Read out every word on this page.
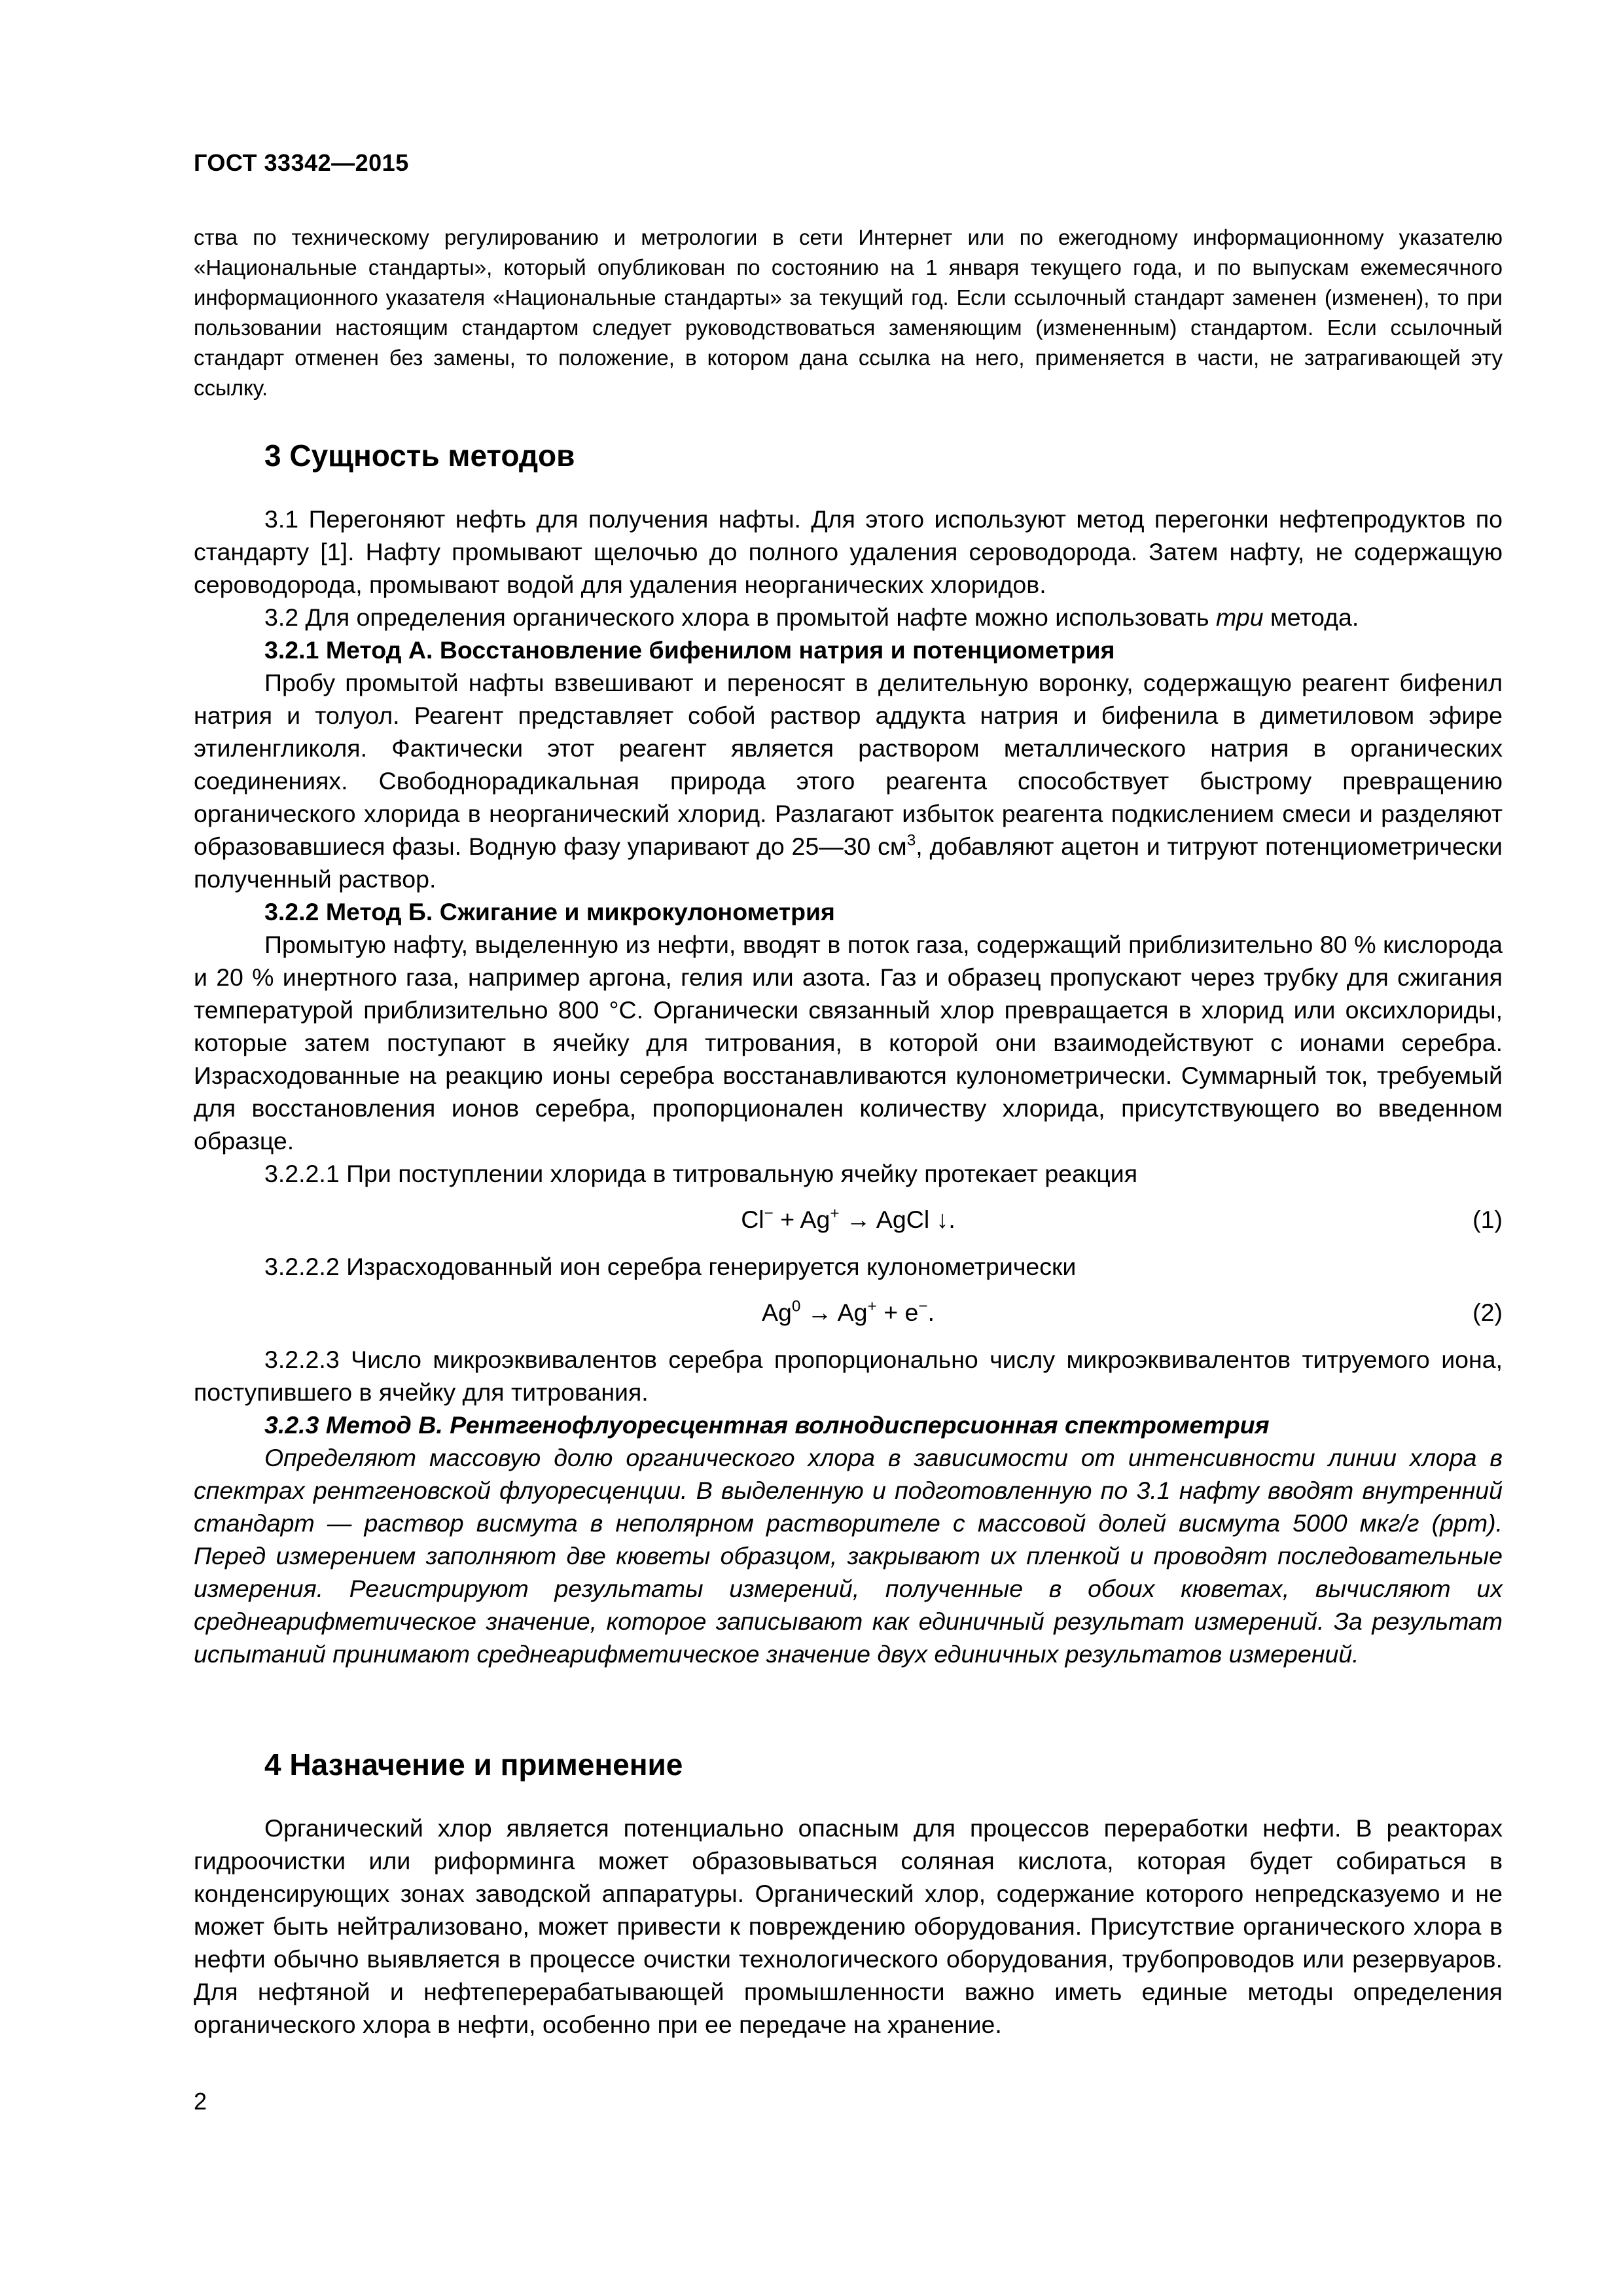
ГОСТ 33342—2015

ства по техническому регулированию и метрологии в сети Интернет или по ежегодному информационному указателю «Национальные стандарты», который опубликован по состоянию на 1 января текущего года, и по выпускам ежемесячного информационного указателя «Национальные стандарты» за текущий год. Если ссылочный стандарт заменен (изменен), то при пользовании настоящим стандартом следует руководствоваться заменяющим (измененным) стандартом. Если ссылочный стандарт отменен без замены, то положение, в котором дана ссылка на него, применяется в части, не затрагивающей эту ссылку.

3 Сущность методов

3.1 Перегоняют нефть для получения нафты. Для этого используют метод перегонки нефтепродуктов по стандарту [1]. Нафту промывают щелочью до полного удаления сероводорода. Затем нафту, не содержащую сероводорода, промывают водой для удаления неорганических хлоридов.

3.2 Для определения органического хлора в промытой нафте можно использовать три метода.

3.2.1 Метод А. Восстановление бифенилом натрия и потенциометрия

Пробу промытой нафты взвешивают и переносят в делительную воронку, содержащую реагент бифенил натрия и толуол. Реагент представляет собой раствор аддукта натрия и бифенила в диметиловом эфире этиленгликоля. Фактически этот реагент является раствором металлического натрия в органических соединениях. Свободнорадикальная природа этого реагента способствует быстрому превращению органического хлорида в неорганический хлорид. Разлагают избыток реагента подкислением смеси и разделяют образовавшиеся фазы. Водную фазу упаривают до 25—30 $см^3$, добавляют ацетон и титруют потенциометрически полученный раствор.

3.2.2 Метод Б. Сжигание и микрокулонометрия

Промытую нафту, выделенную из нефти, вводят в поток газа, содержащий приблизительно 80 % кислорода и 20 % инертного газа, например аргона, гелия или азота. Газ и образец пропускают через трубку для сжигания температурой приблизительно 800 °С. Органически связанный хлор превращается в хлорид или оксихлориды, которые затем поступают в ячейку для титрования, в которой они взаимодействуют с ионами серебра. Израсходованные на реакцию ионы серебра восстанавливаются кулонометрически. Суммарный ток, требуемый для восстановления ионов серебра, пропорционален количеству хлорида, присутствующего во введенном образце.

3.2.2.1 При поступлении хлорида в титровальную ячейку протекает реакция

Cl− + Ag+ → AgCl ↓.	(1)

3.2.2.2 Израсходованный ион серебра генерируется кулонометрически

$Ag^0 \to Ag^+ + e^-$.	(2)

3.2.2.3 Число микроэквивалентов серебра пропорционально числу микроэквивалентов титруемого иона, поступившего в ячейку для титрования.

3.2.3 Метод В. Рентгенофлуоресцентная волнодисперсионная спектрометрия

Определяют массовую долю органического хлора в зависимости от интенсивности линии хлора в спектрах рентгеновской флуоресценции. В выделенную и подготовленную по 3.1 нафту вводят внутренний стандарт — раствор висмута в неполярном растворителе с массовой долей висмута 5000 мкг/г (ppm). Перед измерением заполняют две кюветы образцом, закрывают их пленкой и проводят последовательные измерения. Регистрируют результаты измерений, полученные в обоих кюветах, вычисляют их среднеарифметическое значение, которое записывают как единичный результат измерений. За результат испытаний принимают среднеарифметическое значение двух единичных результатов измерений.

4 Назначение и применение

Органический хлор является потенциально опасным для процессов переработки нефти. В реакторах гидроочистки или риформинга может образовываться соляная кислота, которая будет собираться в конденсирующих зонах заводской аппаратуры. Органический хлор, содержание которого непредсказуемо и не может быть нейтрализовано, может привести к повреждению оборудования. Присутствие органического хлора в нефти обычно выявляется в процессе очистки технологического оборудования, трубопроводов или резервуаров. Для нефтяной и нефтеперерабатывающей промышленности важно иметь единые методы определения органического хлора в нефти, особенно при ее передаче на хранение.

2
